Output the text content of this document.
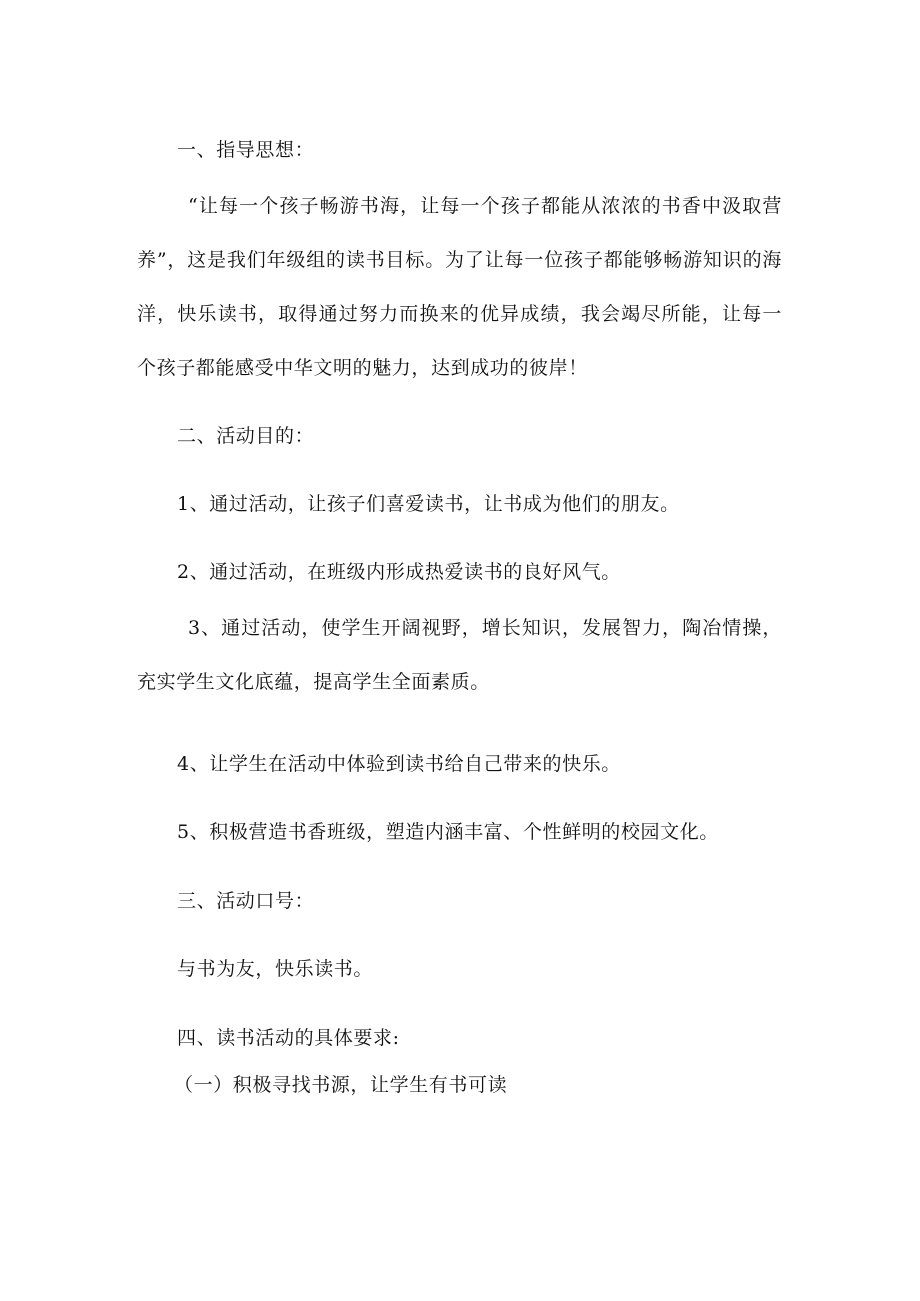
一、指导思想：

“让每一个孩子畅游书海，让每一个孩子都能从浓浓的书香中汲取营养”，这是我们年级组的读书目标。为了让每一位孩子都能够畅游知识的海洋，快乐读书，取得通过努力而换来的优异成绩，我会竭尽所能，让每一个孩子都能感受中华文明的魅力，达到成功的彼岸！

二、活动目的：
1、通过活动，让孩子们喜爱读书，让书成为他们的朋友。
2、通过活动，在班级内形成热爱读书的良好风气。

3、通过活动，使学生开阔视野，增长知识，发展智力，陶冶情操，充实学生文化底蕴，提高学生全面素质。

4、让学生在活动中体验到读书给自己带来的快乐。
5、积极营造书香班级，塑造内涵丰富、个性鲜明的校园文化。
三、活动口号：
与书为友，快乐读书。
四、读书活动的具体要求:
（一）积极寻找书源，让学生有书可读
